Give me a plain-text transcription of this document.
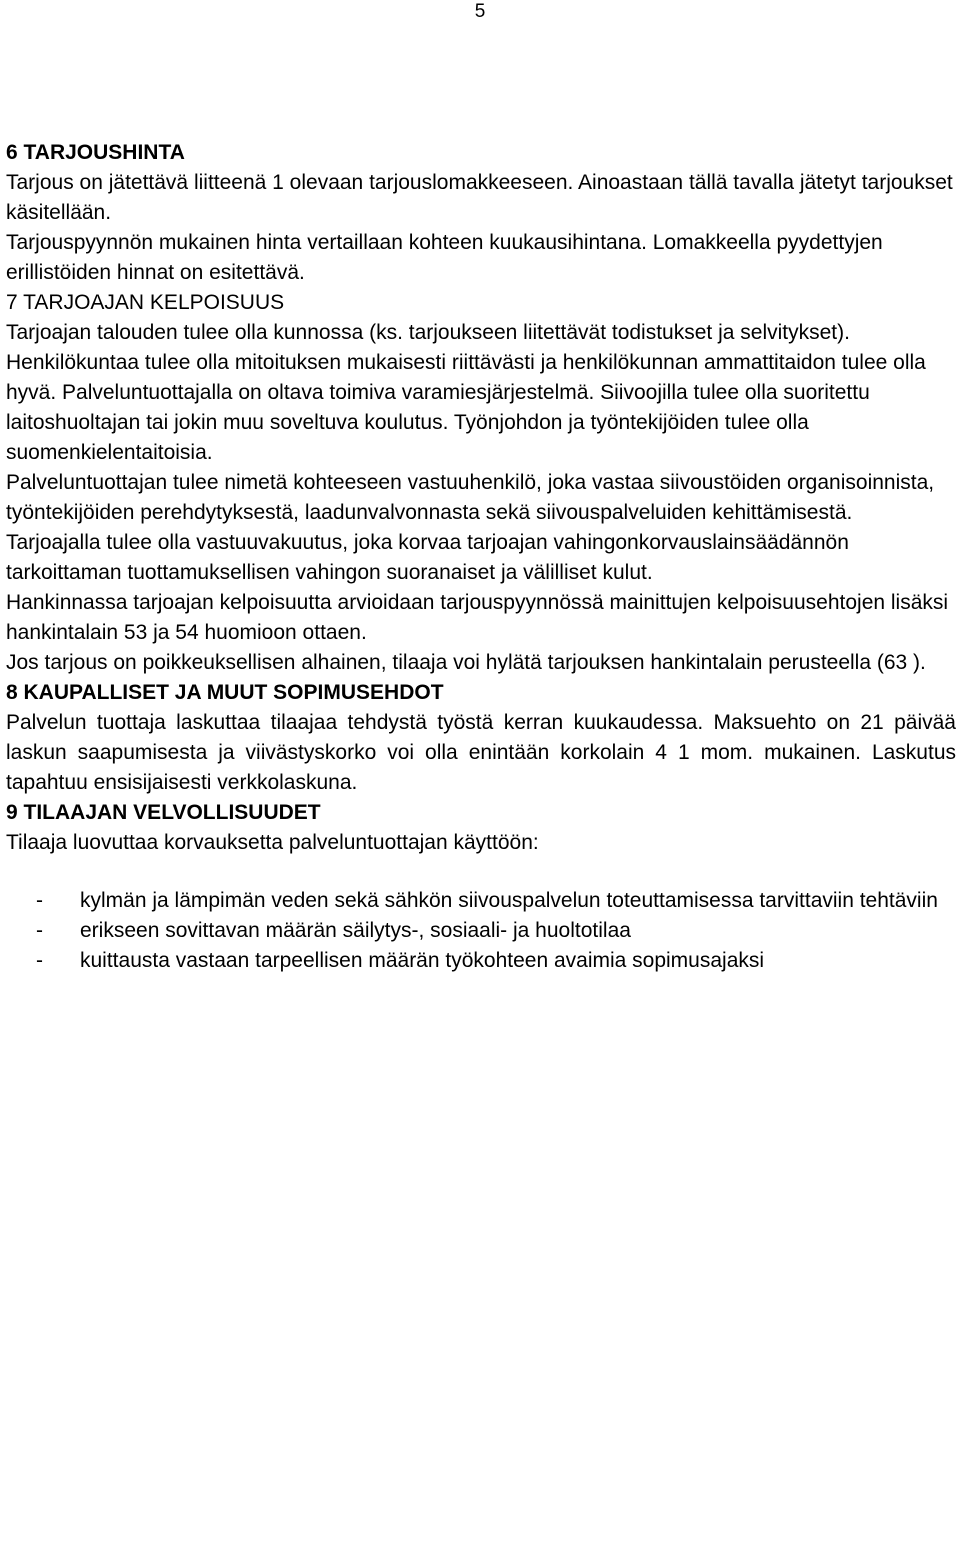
5
6 TARJOUSHINTA

Tarjous on jätettävä liitteenä 1 olevaan tarjouslomakkeeseen. Ainoastaan tällä tavalla jätetyt tarjoukset käsitellään.

Tarjouspyynnön mukainen hinta vertaillaan kohteen kuukausihintana. Lomakkeella pyydettyjen erillistöiden hinnat on esitettävä.

7 TARJOAJAN KELPOISUUS

Tarjoajan talouden tulee olla kunnossa (ks. tarjoukseen liitettävät todistukset ja selvitykset).

Henkilökuntaa tulee olla mitoituksen mukaisesti riittävästi ja henkilökunnan ammattitaidon tulee olla hyvä. Palveluntuottajalla on oltava toimiva varamiesjärjestelmä. Siivoojilla tulee olla suoritettu laitoshuoltajan tai jokin muu soveltuva koulutus. Työnjohdon ja työntekijöiden tulee olla suomenkielentaitoisia.

Palveluntuottajan tulee nimetä kohteeseen vastuuhenkilö, joka vastaa siivoustöiden organisoinnista, työntekijöiden perehdytyksestä, laadunvalvonnasta sekä siivouspalveluiden kehittämisestä.

Tarjoajalla tulee olla vastuuvakuutus, joka korvaa tarjoajan vahingonkorvauslainsäädännön tarkoittaman tuottamuksellisen vahingon suoranaiset ja välilliset kulut.

Hankinnassa tarjoajan kelpoisuutta arvioidaan tarjouspyynnössä mainittujen kelpoisuusehtojen lisäksi hankintalain 53 ja 54 huomioon ottaen.

Jos tarjous on poikkeuksellisen alhainen, tilaaja voi hylätä tarjouksen hankintalain perusteella (63 ).

8 KAUPALLISET JA MUUT SOPIMUSEHDOT

Palvelun tuottaja laskuttaa tilaajaa tehdystä työstä kerran kuukaudessa. Maksuehto on 21 päivää laskun saapumisesta ja viivästyskorko voi olla enintään korkolain 4 1 mom. mukainen. Laskutus tapahtuu ensisijaisesti verkkolaskuna.

9 TILAAJAN VELVOLLISUUDET

Tilaaja luovuttaa korvauksetta palveluntuottajan käyttöön:

- kylmän ja lämpimän veden sekä sähkön siivouspalvelun toteuttamisessa tarvittaviin tehtäviin
- erikseen sovittavan määrän säilytys-, sosiaali- ja huoltotilaa
- kuittausta vastaan tarpeellisen määrän työkohteen avaimia sopimusajaksi
